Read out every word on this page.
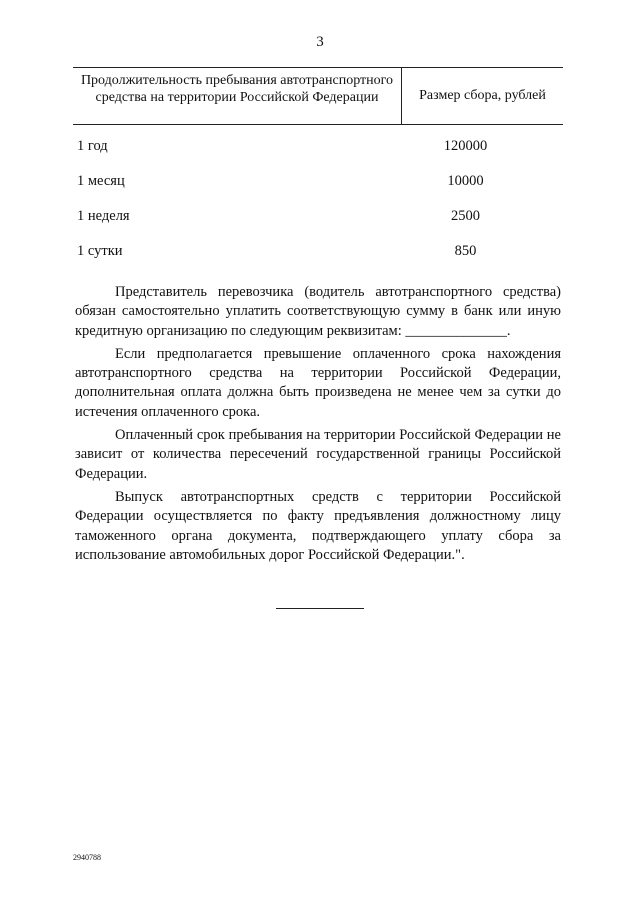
3
Продолжительность пребывания автотранспортного средства на территории Российской Федерации	Размер сбора, рублей
1 год	120000
1 месяц	10000
1 неделя	2500
1 сутки	850

Представитель перевозчика (водитель автотранспортного средства) обязан самостоятельно уплатить соответствующую сумму в банк или иную кредитную организацию по следующим реквизитам: ______________.

Если предполагается превышение оплаченного срока нахождения автотранспортного средства на территории Российской Федерации, дополнительная оплата должна быть произведена не менее чем за сутки до истечения оплаченного срока.

Оплаченный срок пребывания на территории Российской Федерации не зависит от количества пересечений государственной границы Российской Федерации.

Выпуск автотранспортных средств с территории Российской Федерации осуществляется по факту предъявления должностному лицу таможенного органа документа, подтверждающего уплату сбора за использование автомобильных дорог Российской Федерации.".

2940788
